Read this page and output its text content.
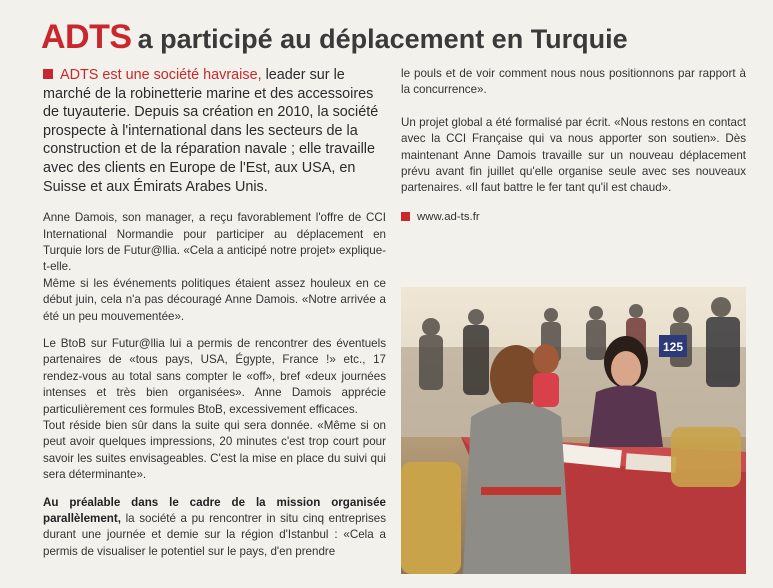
ADTS a participé au déplacement en Turquie
ADTS est une société havraise, leader sur le marché de la robinetterie marine et des accessoires de tuyauterie. Depuis sa création en 2010, la société prospecte à l'international dans les secteurs de la construction et de la réparation navale ; elle travaille avec des clients en Europe de l'Est, aux USA, en Suisse et aux Émirats Arabes Unis.

Anne Damois, son manager, a reçu favorablement l'offre de CCI International Normandie pour participer au déplacement en Turquie lors de Futur@llia. «Cela a anticipé notre projet» explique-t-elle.

Même si les événements politiques étaient assez houleux en ce début juin, cela n'a pas découragé Anne Damois. «Notre arrivée a été un peu mouvementée».

Le BtoB sur Futur@llia lui a permis de rencontrer des éventuels partenaires de «tous pays, USA, Égypte, France !» etc., 17 rendez-vous au total sans compter le «off», bref «deux journées intenses et très bien organisées». Anne Damois apprécie particulièrement ces formules BtoB, excessivement efficaces.

Tout réside bien sûr dans la suite qui sera donnée. «Même si on peut avoir quelques impressions, 20 minutes c'est trop court pour savoir les suites envisageables. C'est la mise en place du suivi qui sera déterminante».

Au préalable dans le cadre de la mission organisée parallèlement, la société a pu rencontrer in situ cinq entreprises durant une journée et demie sur la région d'Istanbul : «Cela a permis de visualiser le potentiel sur le pays, d'en prendre

le pouls et de voir comment nous nous positionnons par rapport à la concurrence».

Un projet global a été formalisé par écrit. «Nous restons en contact avec la CCI Française qui va nous apporter son soutien». Dès maintenant Anne Damois travaille sur un nouveau déplacement prévu avant fin juillet qu'elle organise seule avec ses nouveaux partenaires. «Il faut battre le fer tant qu'il est chaud».

www.ad-ts.fr
125
